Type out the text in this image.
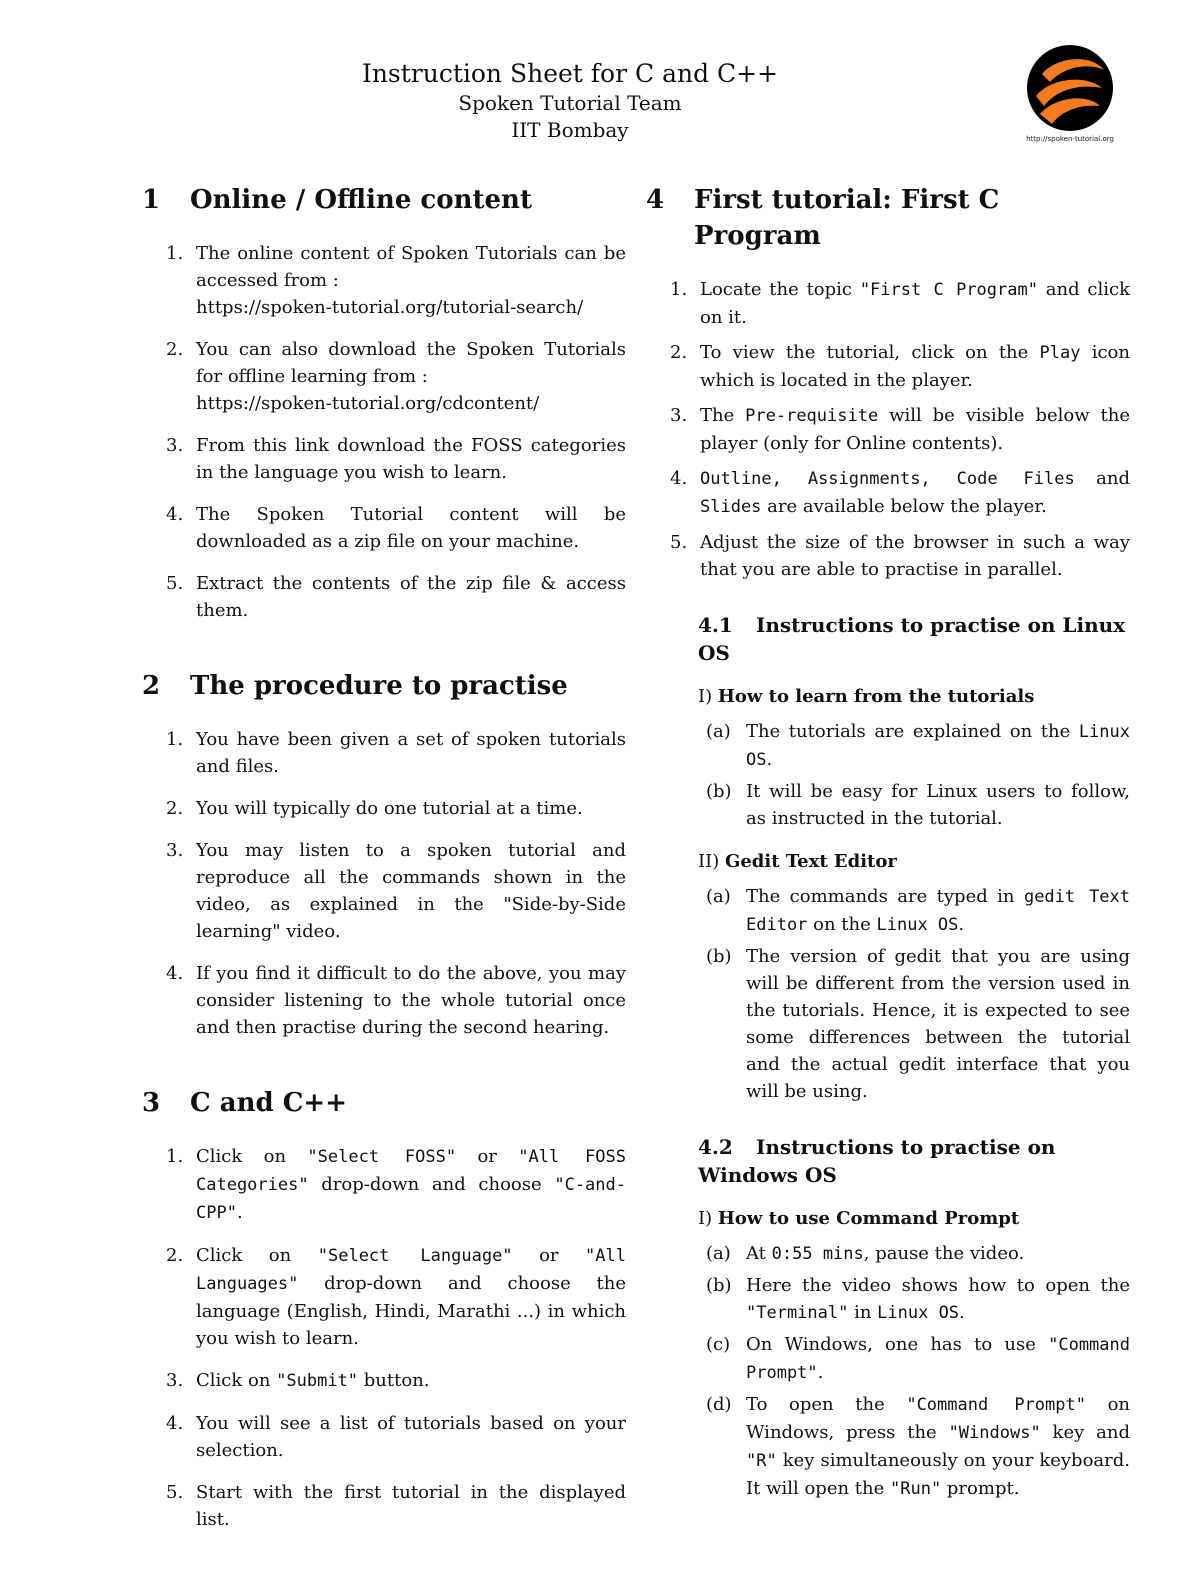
Instruction Sheet for C and C++
Spoken Tutorial Team
IIT Bombay	http://spoken-tutorial.org
1	Online / Offline content
1. The online content of Spoken Tutorials can be accessed from :
https://spoken-tutorial.org/tutorial-search/
2. You can also download the Spoken Tutorials for offline learning from :
https://spoken-tutorial.org/cdcontent/
3. From this link download the FOSS categories in the language you wish to learn.
4. The Spoken Tutorial content will be downloaded as a zip file on your machine.
5. Extract the contents of the zip file & access them.
2	The procedure to practise
1. You have been given a set of spoken tutorials and files.
2. You will typically do one tutorial at a time.
3. You may listen to a spoken tutorial and reproduce all the commands shown in the video, as explained in the "Side-by-Side learning" video.
4. If you find it difficult to do the above, you may consider listening to the whole tutorial once and then practise during the second hearing.
3	C and C++
1. Click on "Select FOSS" or "All FOSS Categories" drop-down and choose "C-and-CPP".
2. Click on "Select Language" or "All Languages" drop-down and choose the language (English, Hindi, Marathi ...) in which you wish to learn.
3. Click on "Submit" button.
4. You will see a list of tutorials based on your selection.
5. Start with the first tutorial in the displayed list.
4	First tutorial: First C Program
1. Locate the topic "First C Program" and click on it.
2. To view the tutorial, click on the Play icon which is located in the player.
3. The Pre-requisite will be visible below the player (only for Online contents).
4. Outline, Assignments, Code Files and Slides are available below the player.
5. Adjust the size of the browser in such a way that you are able to practise in parallel.
4.1 Instructions to practise on Linux OS
I) How to learn from the tutorials
(a) The tutorials are explained on the Linux OS.
(b) It will be easy for Linux users to follow, as instructed in the tutorial.
II) Gedit Text Editor
(a) The commands are typed in gedit Text Editor on the Linux OS.
(b) The version of gedit that you are using will be different from the version used in the tutorials. Hence, it is expected to see some differences between the tutorial and the actual gedit interface that you will be using.
4.2 Instructions to practise on Windows OS
I) How to use Command Prompt
(a) At 0:55 mins, pause the video.
(b) Here the video shows how to open the "Terminal" in Linux OS.
(c) On Windows, one has to use "Command Prompt".
(d) To open the "Command Prompt" on Windows, press the "Windows" key and "R" key simultaneously on your keyboard. It will open the "Run" prompt.
